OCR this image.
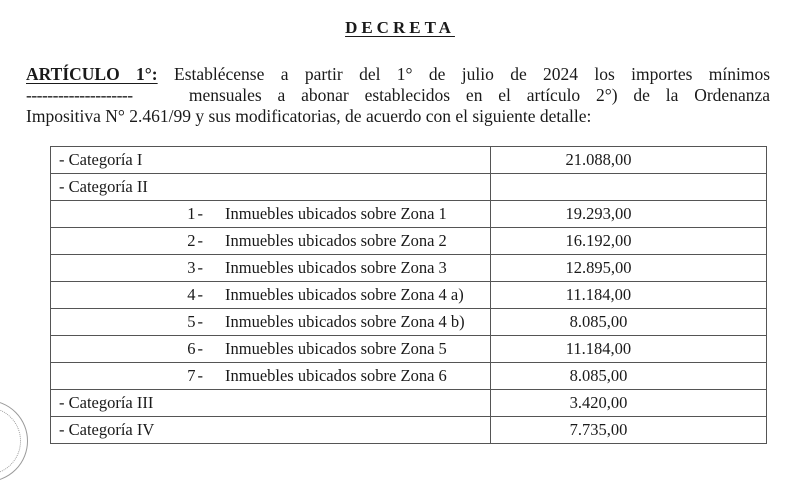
DECRETA
ARTÍCULO 1°: Establécense a partir del 1° de julio de 2024 los importes mínimos
--------------------	mensuales a abonar establecidos en el artículo 2°) de la Ordenanza
Impositiva N° 2.461/99 y sus modificatorias, de acuerdo con el siguiente detalle:
- Categoría I	21.088,00
- Categoría II	
1 - Inmuebles ubicados sobre Zona 1	19.293,00
2 - Inmuebles ubicados sobre Zona 2	16.192,00
3 - Inmuebles ubicados sobre Zona 3	12.895,00
4 - Inmuebles ubicados sobre Zona 4 a)	11.184,00
5 - Inmuebles ubicados sobre Zona 4 b)	8.085,00
6 - Inmuebles ubicados sobre Zona 5	11.184,00
7 - Inmuebles ubicados sobre Zona 6	8.085,00
- Categoría III	3.420,00
- Categoría IV	7.735,00
